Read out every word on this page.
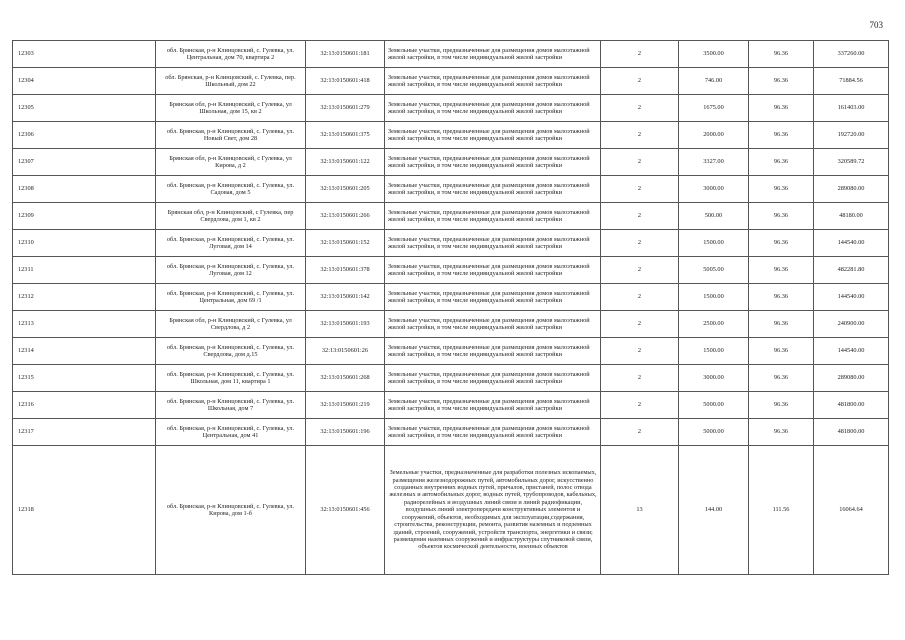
703
12303	обл. Брянская, р-н Клинцовский, с. Гулевка, ул. Центральная, дом 70, квартира 2	32:13:0150601:181	Земельные участки, предназначенные для размещения домов малоэтажной жилой застройки, в том числе индивидуальной жилой застройки	2	3500.00	96.36	337260.00
12304	обл. Брянская, р-н Клинцовский, с. Гулевка, пер. Школьный, дом 22	32:13:0150601:418	Земельные участки, предназначенные для размещения домов малоэтажной жилой застройки, в том числе индивидуальной жилой застройки	2	746.00	96.36	71884.56
12305	Брянская обл, р-н Клинцовский, с Гулевка, ул Школьная, дом 15, кв 2	32:13:0150601:279	Земельные участки, предназначенные для размещения домов малоэтажной жилой застройки, в том числе индивидуальной жилой застройки	2	1675.00	96.36	161403.00
12306	обл. Брянская, р-н Клинцовский, с. Гулевка, ул. Новый Свет, дом 28	32:13:0150601:375	Земельные участки, предназначенные для размещения домов малоэтажной жилой застройки, в том числе индивидуальной жилой застройки	2	2000.00	96.36	192720.00
12307	Брянская обл, р-н Клинцовский, с Гулевка, ул Кирова, д 2	32:13:0150601:122	Земельные участки, предназначенные для размещения домов малоэтажной жилой застройки, в том числе индивидуальной жилой застройки	2	3327.00	96.36	320589.72
12308	обл. Брянская, р-н Клинцовский, с. Гулевка, ул. Садовая, дом 5	32:13:0150601:205	Земельные участки, предназначенные для размещения домов малоэтажной жилой застройки, в том числе индивидуальной жилой застройки	2	3000.00	96.36	289080.00
12309	Брянская обл, р-н Клинцовский, с Гулевка, пер Свердлова, дом 1, кв 2	32:13:0150601:266	Земельные участки, предназначенные для размещения домов малоэтажной жилой застройки, в том числе индивидуальной жилой застройки	2	500.00	96.36	48180.00
12310	обл. Брянская, р-н Клинцовский, с. Гулевка, ул. Луговая, дом 14	32:13:0150601:152	Земельные участки, предназначенные для размещения домов малоэтажной жилой застройки, в том числе индивидуальной жилой застройки	2	1500.00	96.36	144540.00
12311	обл. Брянская, р-н Клинцовский, с. Гулевка, ул. Луговая, дом 12	32:13:0150601:378	Земельные участки, предназначенные для размещения домов малоэтажной жилой застройки, в том числе индивидуальной жилой застройки	2	5005.00	96.36	482281.80
12312	обл. Брянская, р-н Клинцовский, с. Гулевка, ул. Центральная, дом 69 /1	32:13:0150601:142	Земельные участки, предназначенные для размещения домов малоэтажной жилой застройки, в том числе индивидуальной жилой застройки	2	1500.00	96.36	144540.00
12313	Брянская обл, р-н Клинцовский, с Гулевка, ул Свердлова, д 2	32:13:0150601:193	Земельные участки, предназначенные для размещения домов малоэтажной жилой застройки, в том числе индивидуальной жилой застройки	2	2500.00	96.36	240900.00
12314	обл. Брянская, р-н Клинцовский, с. Гулевка, ул. Свердлова, дом д.15	32:13:0150601:26	Земельные участки, предназначенные для размещения домов малоэтажной жилой застройки, в том числе индивидуальной жилой застройки	2	1500.00	96.36	144540.00
12315	обл. Брянская, р-н Клинцовский, с. Гулевка, ул. Школьная, дом 11, квартира 1	32:13:0150601:268	Земельные участки, предназначенные для размещения домов малоэтажной жилой застройки, в том числе индивидуальной жилой застройки	2	3000.00	96.36	289080.00
12316	обл. Брянская, р-н Клинцовский, с. Гулевка, ул. Школьная, дом 7	32:13:0150601:219	Земельные участки, предназначенные для размещения домов малоэтажной жилой застройки, в том числе индивидуальной жилой застройки	2	5000.00	96.36	481800.00
12317	обл. Брянская, р-н Клинцовский, с. Гулевка, ул. Центральная, дом 41	32:13:0150601:196	Земельные участки, предназначенные для размещения домов малоэтажной жилой застройки, в том числе индивидуальной жилой застройки	2	5000.00	96.36	481800.00
12318	обл. Брянская, р-н Клинцовский, с. Гулевка, ул. Кирова, дом 1-б	32:13:0150601:456	Земельные участки, предназначенные для разработки полезных ископаемых, размещения железнодорожных путей, автомобильных дорог, искусственно созданных внутренних водных путей, причалов, пристаней, полос отвода железных и автомобильных дорог, водных путей, трубопроводов, кабельных, радиорелейных и воздушных линий связи и линий радиофикации, воздушных линий электропередачи конструктивных элементов и сооружений, объектов, необходимых для эксплуатации,содержания, строительства, реконструкции, ремонта, развития наземных и подземных зданий, строений, сооружений, устройств транспорта, энергетики и связи; размещения наземных сооружений и инфраструктуры спутниковой связи, объектов космической деятельности, военных объектов	13	144.00	111.56	16064.64
